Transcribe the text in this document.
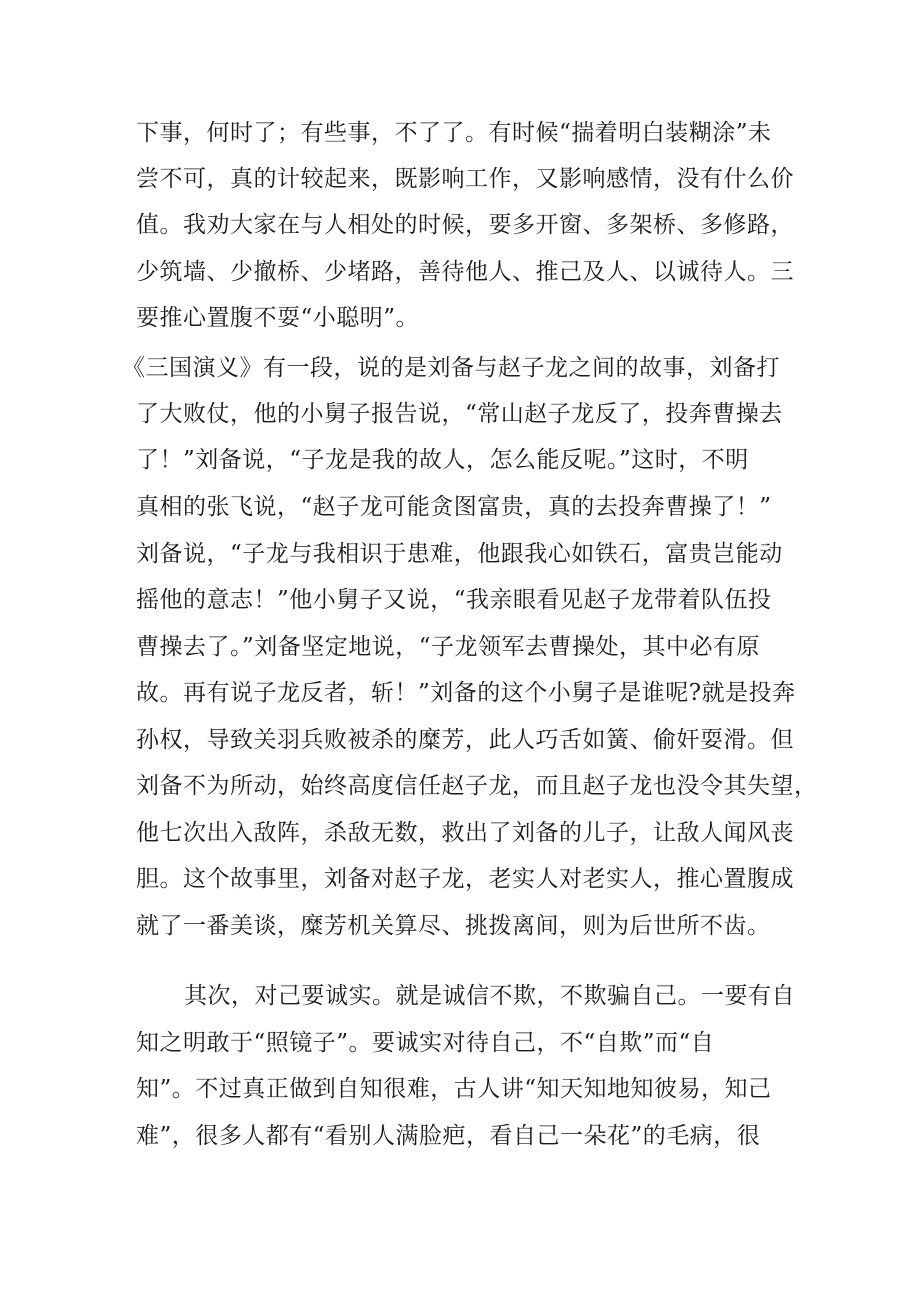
下事，何时了；有些事，不了了。有时候“揣着明白装糊涂”未
尝不可，真的计较起来，既影响工作，又影响感情，没有什么价
值。我劝大家在与人相处的时候，要多开窗、多架桥、多修路，
少筑墙、少撤桥、少堵路，善待他人、推己及人、以诚待人。三
要推心置腹不耍“小聪明”。
《三国演义》有一段，说的是刘备与赵子龙之间的故事，刘备打
了大败仗，他的小舅子报告说，“常山赵子龙反了，投奔曹操去
了！”刘备说，“子龙是我的故人，怎么能反呢。”这时，不明
真相的张飞说，“赵子龙可能贪图富贵，真的去投奔曹操了！”
刘备说，“子龙与我相识于患难，他跟我心如铁石，富贵岂能动
摇他的意志！”他小舅子又说，“我亲眼看见赵子龙带着队伍投
曹操去了。”刘备坚定地说，“子龙领军去曹操处，其中必有原
故。再有说子龙反者，斩！”刘备的这个小舅子是谁呢?就是投奔
孙权，导致关羽兵败被杀的糜芳，此人巧舌如簧、偷奸耍滑。但
刘备不为所动，始终高度信任赵子龙，而且赵子龙也没令其失望，
他七次出入敌阵，杀敌无数，救出了刘备的儿子，让敌人闻风丧
胆。这个故事里，刘备对赵子龙，老实人对老实人，推心置腹成
就了一番美谈，糜芳机关算尽、挑拨离间，则为后世所不齿。
其次，对己要诚实。就是诚信不欺，不欺骗自己。一要有自
知之明敢于“照镜子”。要诚实对待自己，不“自欺”而“自
知”。不过真正做到自知很难，古人讲“知天知地知彼易，知己
难”，很多人都有“看别人满脸疤，看自己一朵花”的毛病，很
